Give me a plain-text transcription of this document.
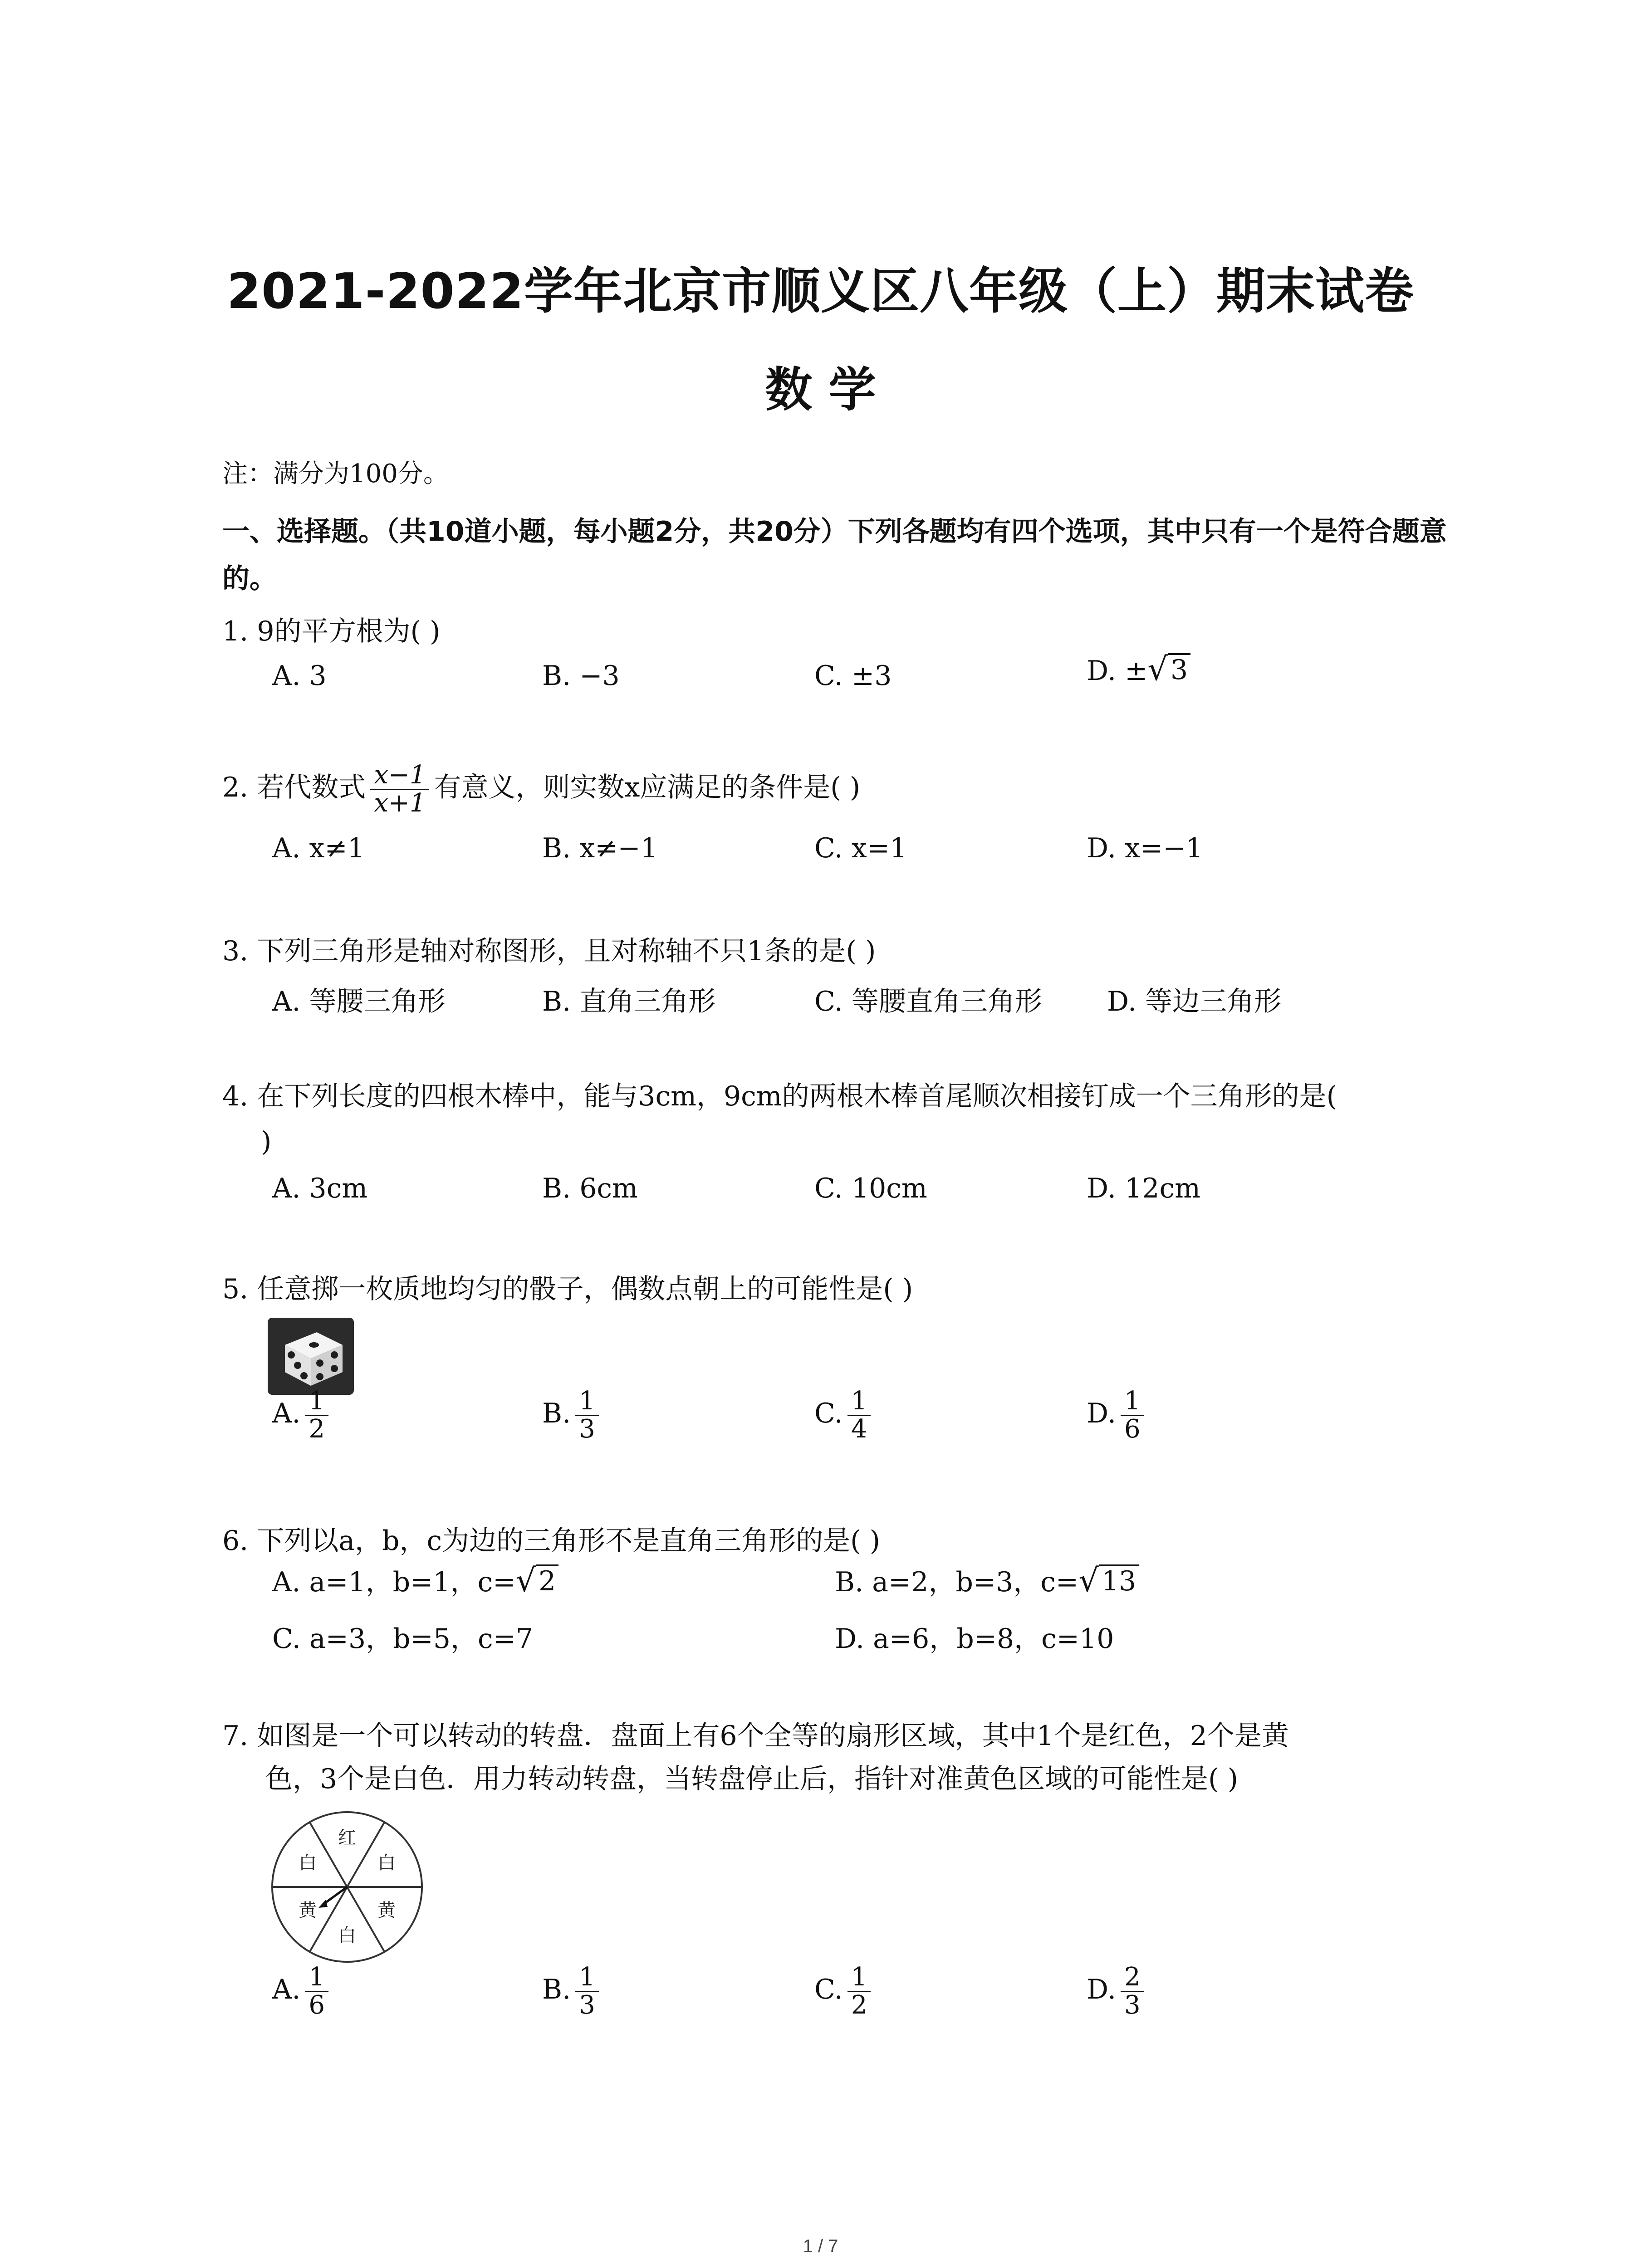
2021-2022学年北京市顺义区八年级（上）期末试卷
数 学
注：满分为100分。
一、选择题。（共10道小题，每小题2分，共20分）下列各题均有四个选项，其中只有一个是符合题意的。
1. 9的平方根为( )
A. 3	B. −3	C. ±3	D. ± √ 3
2. 若代数式 $\frac{x-1}{x+1}$ 有意义，则实数x应满足的条件是( )
A. x≠1	B. x≠−1	C. x=1	D. x=−1
3. 下列三角形是轴对称图形，且对称轴不只1条的是( )
A. 等腰三角形	B. 直角三角形	C. 等腰直角三角形 D. 等边三角形
4. 在下列长度的四根木棒中，能与3cm，9cm的两根木棒首尾顺次相接钉成一个三角形的是(
)
A. 3cm	B. 6cm	C. 10cm	D. 12cm
5. 任意掷一枚质地均匀的骰子，偶数点朝上的可能性是( )
A. $\frac{1}{2}$	B. $\frac{1}{3}$	C. $\frac{1}{4}$	D. $\frac{1}{6}$
6. 下列以a，b，c为边的三角形不是直角三角形的是( )
A. a=1，b=1，c= √ 2	B. a=2，b=3，c= √ 13
C. a=3，b=5，c=7	D. a=6，b=8，c=10
7. 如图是一个可以转动的转盘．盘面上有6个全等的扇形区域，其中1个是红色，2个是黄
色，3个是白色．用力转动转盘，当转盘停止后，指针对准黄色区域的可能性是( )
红
白
黄
白
黄
白
A. $\frac{1}{6}$	B. $\frac{1}{3}$	C. $\frac{1}{2}$	D. $\frac{2}{3}$
1 / 7
